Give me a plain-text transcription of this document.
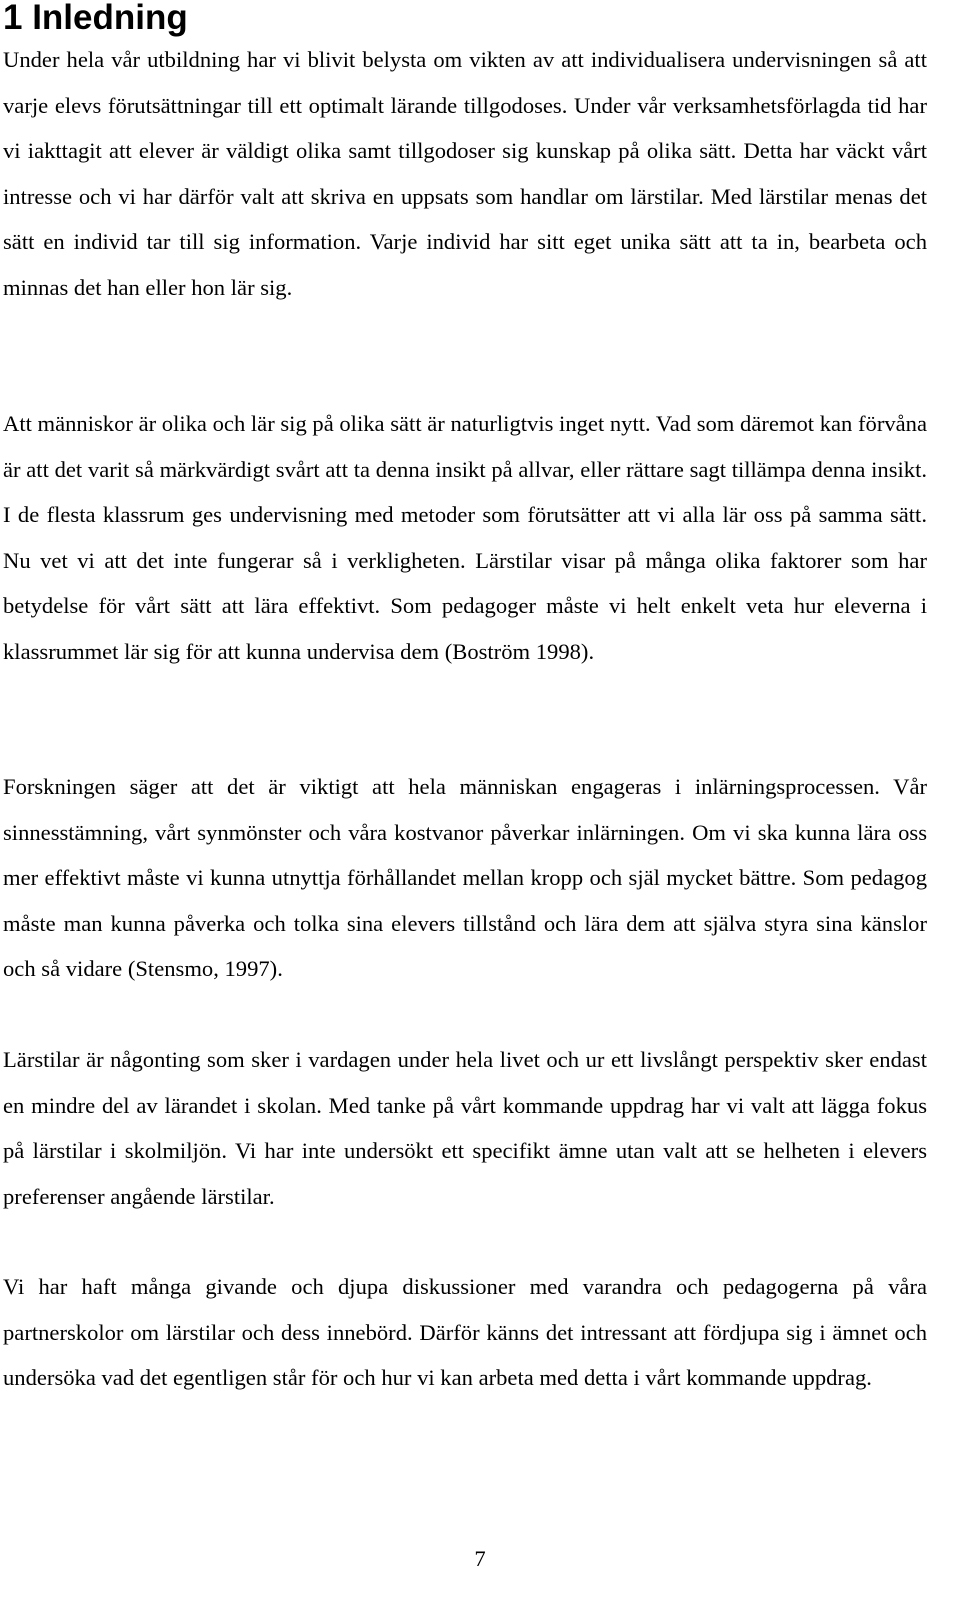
1 Inledning

Under hela vår utbildning har vi blivit belysta om vikten av att individualisera undervisningen så att varje elevs förutsättningar till ett optimalt lärande tillgodoses. Under vår verksamhetsförlagda tid har vi iakttagit att elever är väldigt olika samt tillgodoser sig kunskap på olika sätt. Detta har väckt vårt intresse och vi har därför valt att skriva en uppsats som handlar om lärstilar. Med lärstilar menas det sätt en individ tar till sig information. Varje individ har sitt eget unika sätt att ta in, bearbeta och minnas det han eller hon lär sig.

Att människor är olika och lär sig på olika sätt är naturligtvis inget nytt. Vad som däremot kan förvåna är att det varit så märkvärdigt svårt att ta denna insikt på allvar, eller rättare sagt tillämpa denna insikt. I de flesta klassrum ges undervisning med metoder som förutsätter att vi alla lär oss på samma sätt. Nu vet vi att det inte fungerar så i verkligheten. Lärstilar visar på många olika faktorer som har betydelse för vårt sätt att lära effektivt. Som pedagoger måste vi helt enkelt veta hur eleverna i klassrummet lär sig för att kunna undervisa dem (Boström 1998).

Forskningen säger att det är viktigt att hela människan engageras i inlärningsprocessen. Vår sinnesstämning, vårt synmönster och våra kostvanor påverkar inlärningen. Om vi ska kunna lära oss mer effektivt måste vi kunna utnyttja förhållandet mellan kropp och själ mycket bättre. Som pedagog måste man kunna påverka och tolka sina elevers tillstånd och lära dem att själva styra sina känslor och så vidare (Stensmo, 1997).

Lärstilar är någonting som sker i vardagen under hela livet och ur ett livslångt perspektiv sker endast en mindre del av lärandet i skolan. Med tanke på vårt kommande uppdrag har vi valt att lägga fokus på lärstilar i skolmiljön. Vi har inte undersökt ett specifikt ämne utan valt att se helheten i elevers preferenser angående lärstilar.

Vi har haft många givande och djupa diskussioner med varandra och pedagogerna på våra partnerskolor om lärstilar och dess innebörd. Därför känns det intressant att fördjupa sig i ämnet och undersöka vad det egentligen står för och hur vi kan arbeta med detta i vårt kommande uppdrag.

7
